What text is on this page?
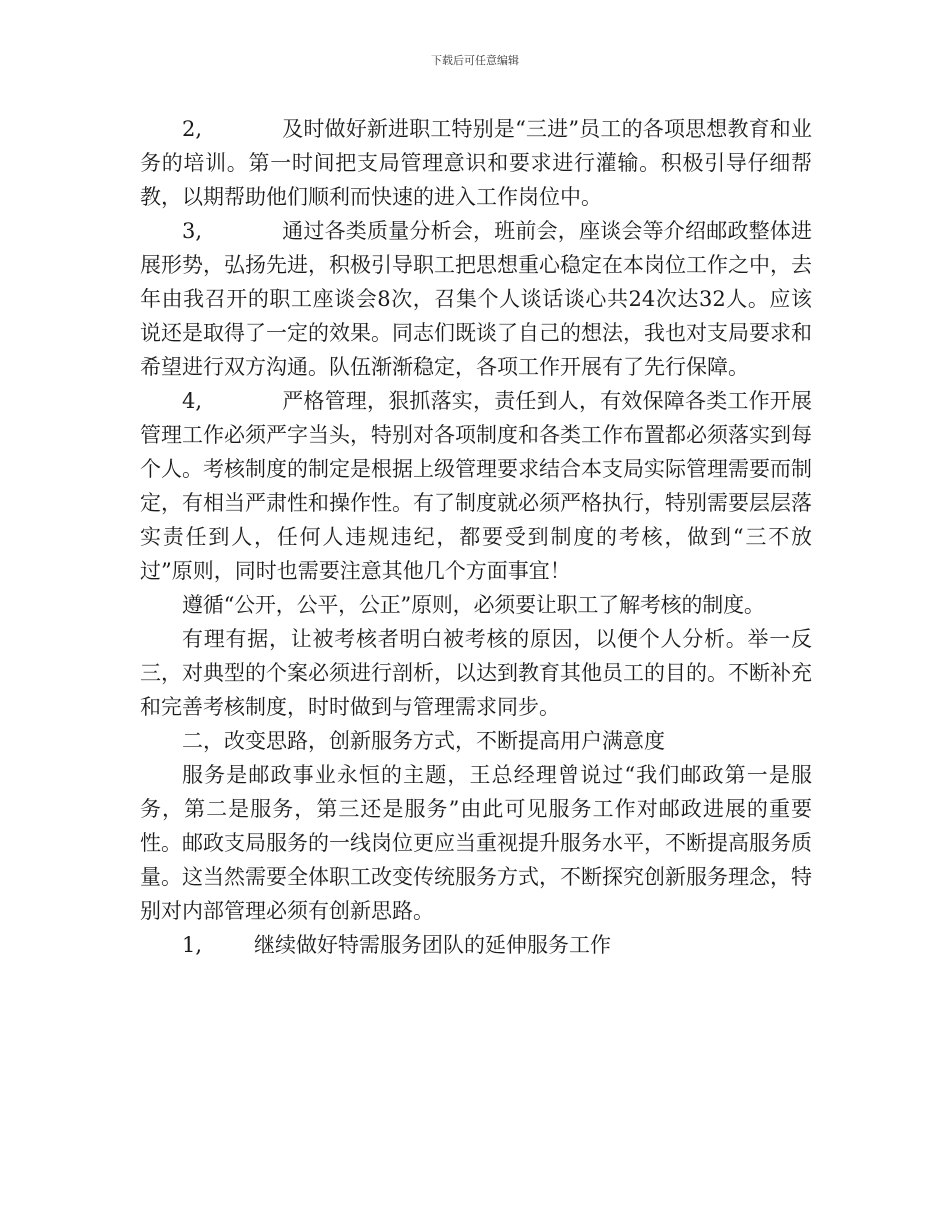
下载后可任意编辑

2,	及时做好新进职工特别是“三进”员工的各项思想教育和业务的培训。第一时间把支局管理意识和要求进行灌输。积极引导仔细帮教，以期帮助他们顺利而快速的进入工作岗位中。

3,	通过各类质量分析会，班前会，座谈会等介绍邮政整体进展形势，弘扬先进，积极引导职工把思想重心稳定在本岗位工作之中，去年由我召开的职工座谈会8次，召集个人谈话谈心共24次达32人。应该说还是取得了一定的效果。同志们既谈了自己的想法，我也对支局要求和希望进行双方沟通。队伍渐渐稳定，各项工作开展有了先行保障。

4,	严格管理，狠抓落实，责任到人，有效保障各类工作开展管理工作必须严字当头，特别对各项制度和各类工作布置都必须落实到每个人。考核制度的制定是根据上级管理要求结合本支局实际管理需要而制定，有相当严肃性和操作性。有了制度就必须严格执行，特别需要层层落实责任到人，任何人违规违纪，都要受到制度的考核，做到“三不放过”原则，同时也需要注意其他几个方面事宜！

遵循“公开，公平，公正”原则，必须要让职工了解考核的制度。

有理有据，让被考核者明白被考核的原因，以便个人分析。举一反三，对典型的个案必须进行剖析，以达到教育其他员工的目的。不断补充和完善考核制度，时时做到与管理需求同步。

二，改变思路，创新服务方式，不断提高用户满意度

服务是邮政事业永恒的主题，王总经理曾说过“我们邮政第一是服务，第二是服务，第三还是服务”由此可见服务工作对邮政进展的重要性。邮政支局服务的一线岗位更应当重视提升服务水平，不断提高服务质量。这当然需要全体职工改变传统服务方式，不断探究创新服务理念，特别对内部管理必须有创新思路。

1, 继续做好特需服务团队的延伸服务工作
